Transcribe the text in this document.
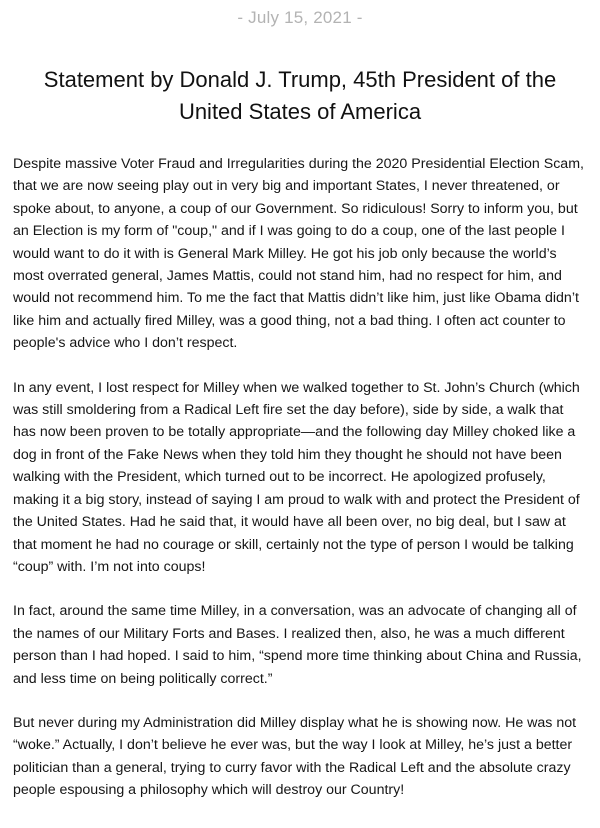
- July 15, 2021 -
Statement by Donald J. Trump, 45th President of the United States of America

Despite massive Voter Fraud and Irregularities during the 2020 Presidential Election Scam, that we are now seeing play out in very big and important States, I never threatened, or spoke about, to anyone, a coup of our Government. So ridiculous! Sorry to inform you, but an Election is my form of "coup," and if I was going to do a coup, one of the last people I would want to do it with is General Mark Milley. He got his job only because the world’s most overrated general, James Mattis, could not stand him, had no respect for him, and would not recommend him. To me the fact that Mattis didn’t like him, just like Obama didn’t like him and actually fired Milley, was a good thing, not a bad thing. I often act counter to people's advice who I don’t respect.

In any event, I lost respect for Milley when we walked together to St. John’s Church (which was still smoldering from a Radical Left fire set the day before), side by side, a walk that has now been proven to be totally appropriate—and the following day Milley choked like a dog in front of the Fake News when they told him they thought he should not have been walking with the President, which turned out to be incorrect. He apologized profusely, making it a big story, instead of saying I am proud to walk with and protect the President of the United States. Had he said that, it would have all been over, no big deal, but I saw at that moment he had no courage or skill, certainly not the type of person I would be talking “coup” with. I’m not into coups!

In fact, around the same time Milley, in a conversation, was an advocate of changing all of the names of our Military Forts and Bases. I realized then, also, he was a much different person than I had hoped. I said to him, “spend more time thinking about China and Russia, and less time on being politically correct.”

But never during my Administration did Milley display what he is showing now. He was not “woke.” Actually, I don’t believe he ever was, but the way I look at Milley, he’s just a better politician than a general, trying to curry favor with the Radical Left and the absolute crazy people espousing a philosophy which will destroy our Country!
